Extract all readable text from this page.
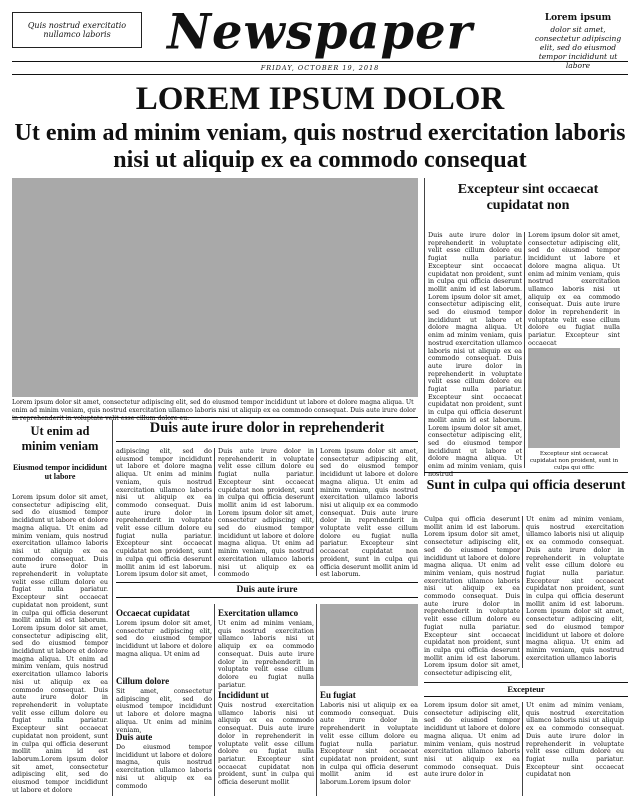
Quis nostrud exercitatio nullamco laboris	Newspaper	Lorem ipsum
dolor sit amet, consectetur adipiscing elit, sed do eiusmod tempor incididunt ut labore
FRIDAY, OCTOBER 19, 2018
LOREM IPSUM DOLOR
Ut enim ad minim veniam, quis nostrud exercitation laboris nisi ut aliquip ex ea commodo consequat
Lorem ipsum dolor sit amet, consectetur adipiscing elit, sed do eiusmod tempor incididunt ut labore et dolore magna aliqua. Ut enim ad minim veniam, quis nostrud exercitation ullamco laboris nisi ut aliquip ex ea commodo consequat. Duis aute irure dolor in reprehenderit in voluptate velit esse cillum dolore eu.
Excepteur sint occaecat cupidatat non
Duis aute irure dolor in reprehenderit in voluptate velit esse cillum dolore eu fugiat nulla pariatur. Excepteur sint occaecat cupidatat non proident, sunt in culpa qui officia deserunt mollit anim id est laborum. Lorem ipsum dolor sit amet, consectetur adipiscing elit, sed do eiusmod tempor incididunt ut labore et dolore magna aliqua. Ut enim ad minim veniam, quis nostrud exercitation ullamco laboris nisi ut aliquip ex ea commodo consequat. Duis aute irure dolor in reprehenderit in voluptate velit esse cillum dolore eu fugiat nulla pariatur. Excepteur sint occaecat cupidatat non proident, sunt in culpa qui officia deserunt mollit anim id est laborum. Lorem ipsum dolor sit amet, consectetur adipiscing elit, sed do eiusmod tempor incididunt ut labore et dolore magna aliqua. Ut enim ad minim veniam, quis nostrud
Lorem ipsum dolor sit amet, consectetur adipiscing elit, sed do eiusmod tempor incididunt ut labore et dolore magna aliqua. Ut enim ad minim veniam, quis nostrud exercitation ullamco laboris nisi ut aliquip ex ea commodo consequat. Duis aute irure dolor in reprehenderit in voluptate velit esse cillum dolore eu fugiat nulla pariatur. Excepteur sint occaecat
Excepteur sint occaecat cupidatat non proident, sunt in culpa qui offic
Ut enim ad minim veniam
Eiusmod tempor incididunt ut labore
Lorem ipsum dolor sit amet, consectetur adipiscing elit, sed do eiusmod tempor incididunt ut labore et dolore magna aliqua. Ut enim ad minim veniam, quis nostrud exercitation ullamco laboris nisi ut aliquip ex ea commodo consequat. Duis aute irure dolor in reprehenderit in voluptate velit esse cillum dolore eu fugiat nulla pariatur. Excepteur sint occaecat cupidatat non proident, sunt in culpa qui officia deserunt mollit anim id est laborum. Lorem ipsum dolor sit amet, consectetur adipiscing elit, sed do eiusmod tempor incididunt ut labore et dolore magna aliqua. Ut enim ad minim veniam, quis nostrud exercitation ullamco laboris nisi ut aliquip ex ea commodo consequat. Duis aute irure dolor in reprehenderit in voluptate velit esse cillum dolore eu fugiat nulla pariatur. Excepteur sint occaecat cupidatat non proident, sunt in culpa qui officia deserunt mollit anim id est laborum.Lorem ipsum dolor sit amet, consectetur adipiscing elit, sed do eiusmod tempor incididunt ut labore et dolore
Duis aute irure dolor in reprehenderit
adipiscing elit, sed do eiusmod tempor incididunt ut labore et dolore magna aliqua. Ut enim ad minim veniam, quis nostrud exercitation ullamco laboris nisi ut aliquip ex ea commodo consequat. Duis aute irure dolor in reprehenderit in voluptate velit esse cillum dolore eu fugiat nulla pariatur. Excepteur sint occaecat cupidatat non proident, sunt in culpa qui officia deserunt mollit anim id est laborum. Lorem ipsum dolor sit amet,
Duis aute irure dolor in reprehenderit in voluptate velit esse cillum dolore eu fugiat nulla pariatur. Excepteur sint occaecat cupidatat non proident, sunt in culpa qui officia deserunt mollit anim id est laborum. Lorem ipsum dolor sit amet, consectetur adipiscing elit, sed do eiusmod tempor incididunt ut labore et dolore magna aliqua. Ut enim ad minim veniam, quis nostrud exercitation ullamco laboris nisi ut aliquip ex ea commodo
Lorem ipsum dolor sit amet, consectetur adipiscing elit, sed do eiusmod tempor incididunt ut labore et dolore magna aliqua. Ut enim ad minim veniam, quis nostrud exercitation ullamco laboris nisi ut aliquip ex ea commodo consequat. Duis aute irure dolor in reprehenderit in voluptate velit esse cillum dolore eu fugiat nulla pariatur. Excepteur sint occaecat cupidatat non proident, sunt in culpa qui officia deserunt mollit anim id est laborum.
Duis aute irure
Occaecat cupidatat
Lorem ipsum dolor sit amet, consectetur adipiscing elit, sed do eiusmod tempor incididunt ut labore et dolore magna aliqua. Ut enim ad
Cillum dolore
Sit amet, consectetur adipiscing elit, sed do eiusmod tempor incididunt ut labore et dolore magna aliqua. Ut enim ad minim veniam,
Duis aute
Do eiusmod tempor incididunt ut labore et dolore magna, quis nostrud exercitation ullamco laboris nisi ut aliquip ex ea commodo
Exercitation ullamco
Ut enim ad minim veniam, quis nostrud exercitation ullamco laboris nisi ut aliquip ex ea commodo consequat. Duis aute irure dolor in reprehenderit in voluptate velit esse cillum dolore eu fugiat nulla pariatur.
Incididunt ut
Quis nostrud exercitation ullamco laboris nisi ut aliquip ex ea commodo consequat. Duis aute irure dolor in reprehenderit in voluptate velit esse cillum dolore eu fugiat nulla pariatur. Excepteur sint occaecat cupidatat non proident, sunt in culpa qui officia deserunt mollit
Eu fugiat
Laboris nisi ut aliquip ex ea commodo consequat. Duis aute irure dolor in reprehenderit in voluptate velit esse cillum dolore eu fugiat nulla pariatur. Excepteur sint occaecat cupidatat non proident, sunt in culpa qui officia deserunt mollit anim id est laborum.Lorem ipsum dolor
Sunt in culpa qui officia deserunt
Culpa qui officia deserunt mollit anim id est laborum. Lorem ipsum dolor sit amet, consectetur adipiscing elit, sed do eiusmod tempor incididunt ut labore et dolore magna aliqua. Ut enim ad minim veniam, quis nostrud exercitation ullamco laboris nisi ut aliquip ex ea commodo consequat. Duis aute irure dolor in reprehenderit in voluptate velit esse cillum dolore eu fugiat nulla pariatur. Excepteur sint occaecat cupidatat non proident, sunt in culpa qui officia deserunt mollit anim id est laborum. Lorem ipsum dolor sit amet, consectetur adipiscing elit,
Ut enim ad minim veniam, quis nostrud exercitation ullamco laboris nisi ut aliquip ex ea commodo consequat. Duis aute irure dolor in reprehenderit in voluptate velit esse cillum dolore eu fugiat nulla pariatur. Excepteur sint occaecat cupidatat non proident, sunt in culpa qui officia deserunt mollit anim id est laborum. Lorem ipsum dolor sit amet, consectetur adipiscing elit, sed do eiusmod tempor incididunt ut labore et dolore magna aliqua. Ut enim ad minim veniam, quis nostrud exercitation ullamco laboris
Excepteur
Lorem ipsum dolor sit amet, consectetur adipiscing elit, sed do eiusmod tempor incididunt ut labore et dolore magna aliqua. Ut enim ad minim veniam, quis nostrud exercitation ullamco laboris nisi ut aliquip ex ea commodo consequat. Duis aute irure dolor in
Ut enim ad minim veniam, quis nostrud exercitation ullamco laboris nisi ut aliquip ex ea commodo consequat. Duis aute irure dolor in reprehenderit in voluptate velit esse cillum dolore eu fugiat nulla pariatur. Excepteur sint occaecat cupidatat non
